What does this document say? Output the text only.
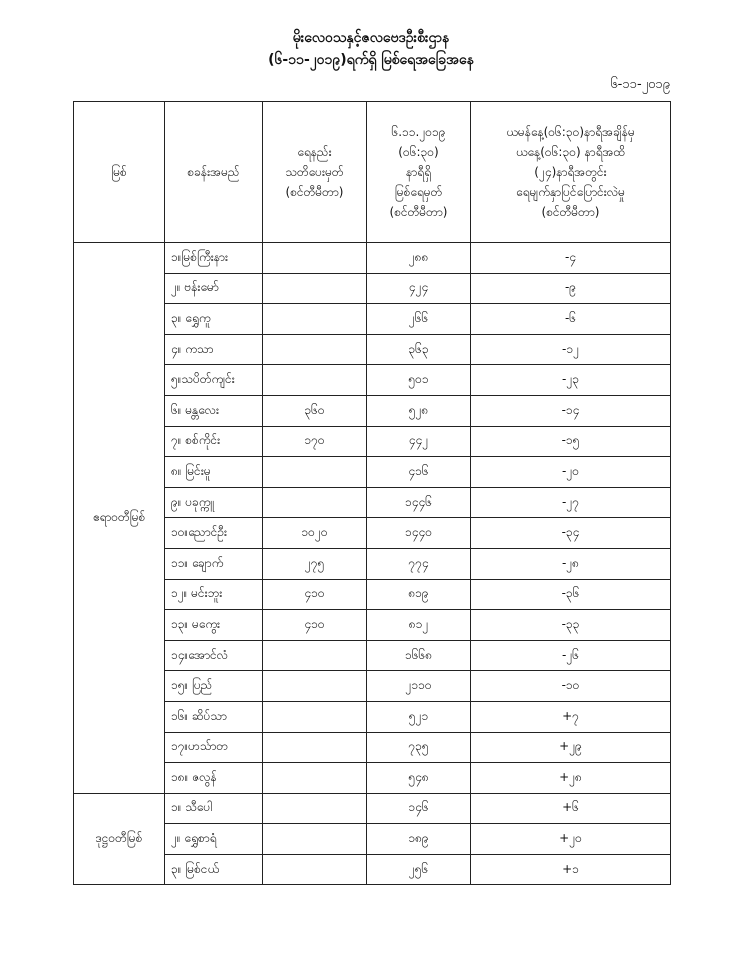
မိုးလေဝသနှင့်ဇလဗေဒဦးစီးဌာန
(၆-၁၁-၂၀၁၉)ရက်ရှိ မြစ်ရေအခြေအနေ
၆-၁၁-၂၀၁၉
မြစ်	စခန်းအမည်	ရေနည်း
သတိပေးမှတ်
(စင်တီမီတာ)	၆.၁၁.၂၀၁၉
(၀၆:၃၀)
နာရီရှိ
မြစ်ရေမှတ်
(စင်တီမီတာ)	ယမန်နေ့(၀၆:၃၀)နာရီအချိန်မှ
ယနေ့(၀၆:၃၀) နာရီအထိ
(၂၄)နာရီအတွင်း
ရေမျက်နှာပြင်ပြောင်းလဲမှု
(စင်တီမီတာ)

ဧရာဝတီမြစ်	၁။မြစ်ကြီးနား		၂၈၈	-၄
	၂။ ဗန်းမော်		၄၂၄	-၉
	၃။ ရွှေကူ		၂၆၆	-၆
	၄။ ကသာ		၃၆၃	-၁၂
	၅။သပိတ်ကျင်း		၅၀၁	-၂၃
	၆။ မန္တလေး	၃၆၀	၅၂၈	-၁၄
	၇။ စစ်ကိုင်း	၁၇၀	၄၄၂	-၁၅
	၈။ မြင်းမူ		၄၁၆	-၂၀
	၉။ ပခုက္ကူ		၁၄၄၆	-၂၇
	၁၀။ညောင်ဦး	၁၀၂၀	၁၄၄၀	-၃၄
	၁၁။ ချောက်	၂၇၅	၇၇၄	-၂၈
	၁၂။ မင်းဘူး	၄၁၀	၈၁၉	-၃၆
	၁၃။ မကွေး	၄၁၀	၈၁၂	-၃၃
	၁၄။အောင်လံ		၁၆၆၈	-၂၆
	၁၅။ ပြည်		၂၁၁၀	-၁၀
	၁၆။ ဆိပ်သာ		၅၂၁	+၇
	၁၇။ဟသ်ာတ		၇၃၅	+၂၉
	၁၈။ ဇလွန်		၅၄၈	+၂၈
ဒုဋ္ဌဝတီမြစ်	၁။ သီပေါ		၁၄၆	+၆
	၂။ ရွှေစာရံ		၁၈၉	+၂၀
	၃။ မြစ်ငယ်		၂၅၆	+၁
